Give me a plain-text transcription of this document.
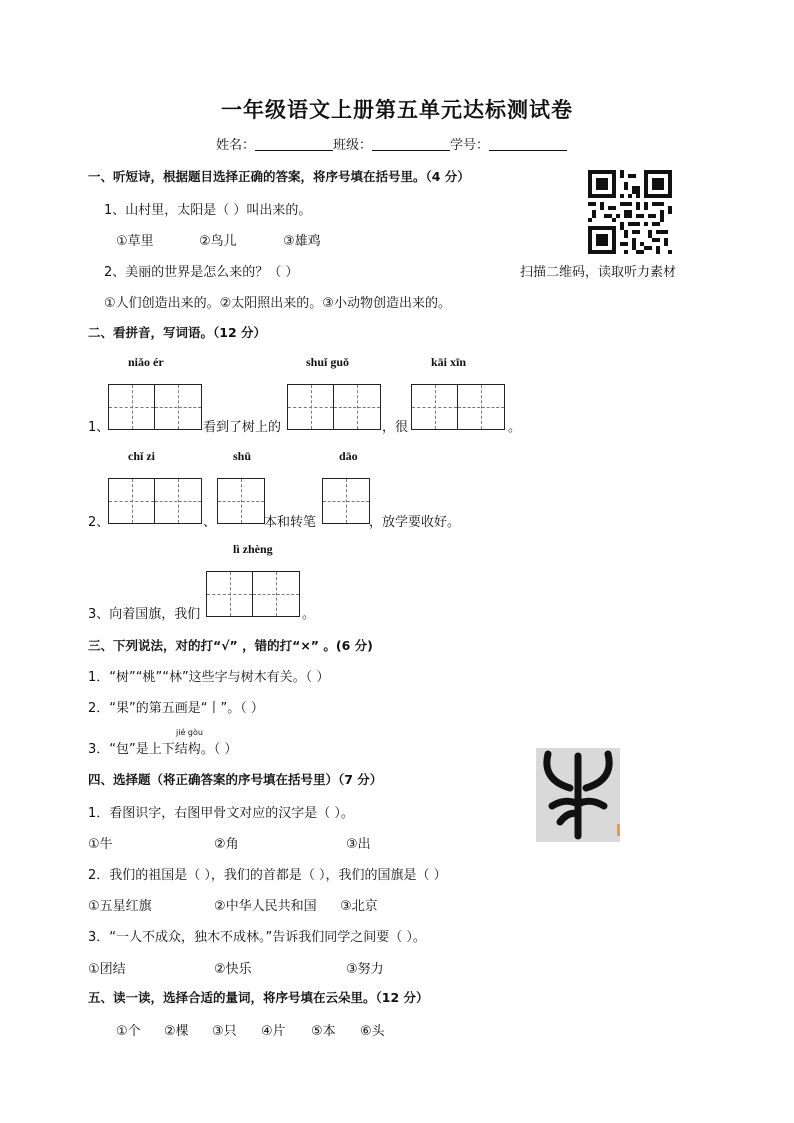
一年级语文上册第五单元达标测试卷
姓名：	班级：	学号：
一、听短诗，根据题目选择正确的答案，将序号填在括号里。（4 分）
1、山村里，太阳是（ ）叫出来的。
①草里	②鸟儿	③雄鸡
2、美丽的世界是怎么来的？（ ）
①人们创造出来的。②太阳照出来的。③小动物创造出来的。
扫描二维码，读取听力素材
二、看拼音，写词语。（12 分）
niǎo ér	shuǐ guǒ	kāi xīn
1、	看到了树上的	，很	。
chǐ zi	shū	dāo
2、	、	本和转笔	，放学要收好。
lì zhèng
3、向着国旗，我们	。
三、下列说法，对的打“√” ，错的打“×” 。(6 分)
1．“树”“桃”“林”这些字与树木有关。（ ）
2．“果”的第五画是“丨”。（ ）
3．“包”是上下结构。（ ）
jié gòu
四、选择题（将正确答案的序号填在括号里）（7 分）
1．看图识字，右图甲骨文对应的汉字是（ ）。
①牛	②角	③出
2．我们的祖国是（ ），我们的首都是（ ），我们的国旗是（ ）
①五星红旗	②中华人民共和国 ③北京
3．“一人不成众，独木不成林。”告诉我们同学之间要（ ）。
①团结	②快乐	③努力
五、读一读，选择合适的量词，将序号填在云朵里。（12 分）
①个 ②棵 ③只 ④片 ⑤本 ⑥头
